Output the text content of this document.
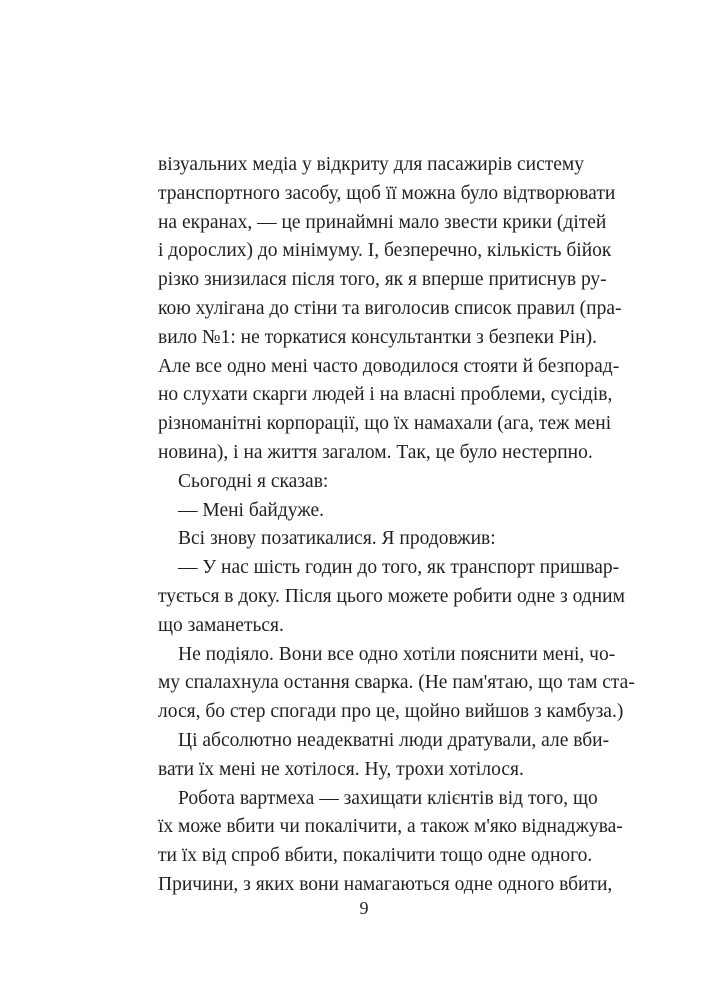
візуальних медіа у відкриту для пасажирів систему
транспортного засобу, щоб її можна було відтворювати
на екранах, — це принаймні мало звести крики (дітей
і дорослих) до мінімуму. І, безперечно, кількість бійок
різко знизилася після того, як я вперше притиснув ру-
кою хулігана до стіни та виголосив список правил (пра-
вило №1: не торкатися консультантки з безпеки Рін).
Але все одно мені часто доводилося стояти й безпорад-
но слухати скарги людей і на власні проблеми, сусідів,
різноманітні корпорації, що їх намахали (ага, теж мені
новина), і на життя загалом. Так, це було нестерпно.
Сьогодні я сказав:
— Мені байдуже.
Всі знову позатикалися. Я продовжив:
— У нас шість годин до того, як транспорт пришвар-
тується в доку. Після цього можете робити одне з одним
що заманеться.
Не подіяло. Вони все одно хотіли пояснити мені, чо-
му спалахнула остання сварка. (Не пам'ятаю, що там ста-
лося, бо стер спогади про це, щойно вийшов з камбуза.)
Ці абсолютно неадекватні люди дратували, але вби-
вати їх мені не хотілося. Ну, трохи хотілося.
Робота вартмеха — захищати клієнтів від того, що
їх може вбити чи покалічити, а також м'яко віднаджува-
ти їх від спроб вбити, покалічити тощо одне одного.
Причини, з яких вони намагаються одне одного вбити,
9
